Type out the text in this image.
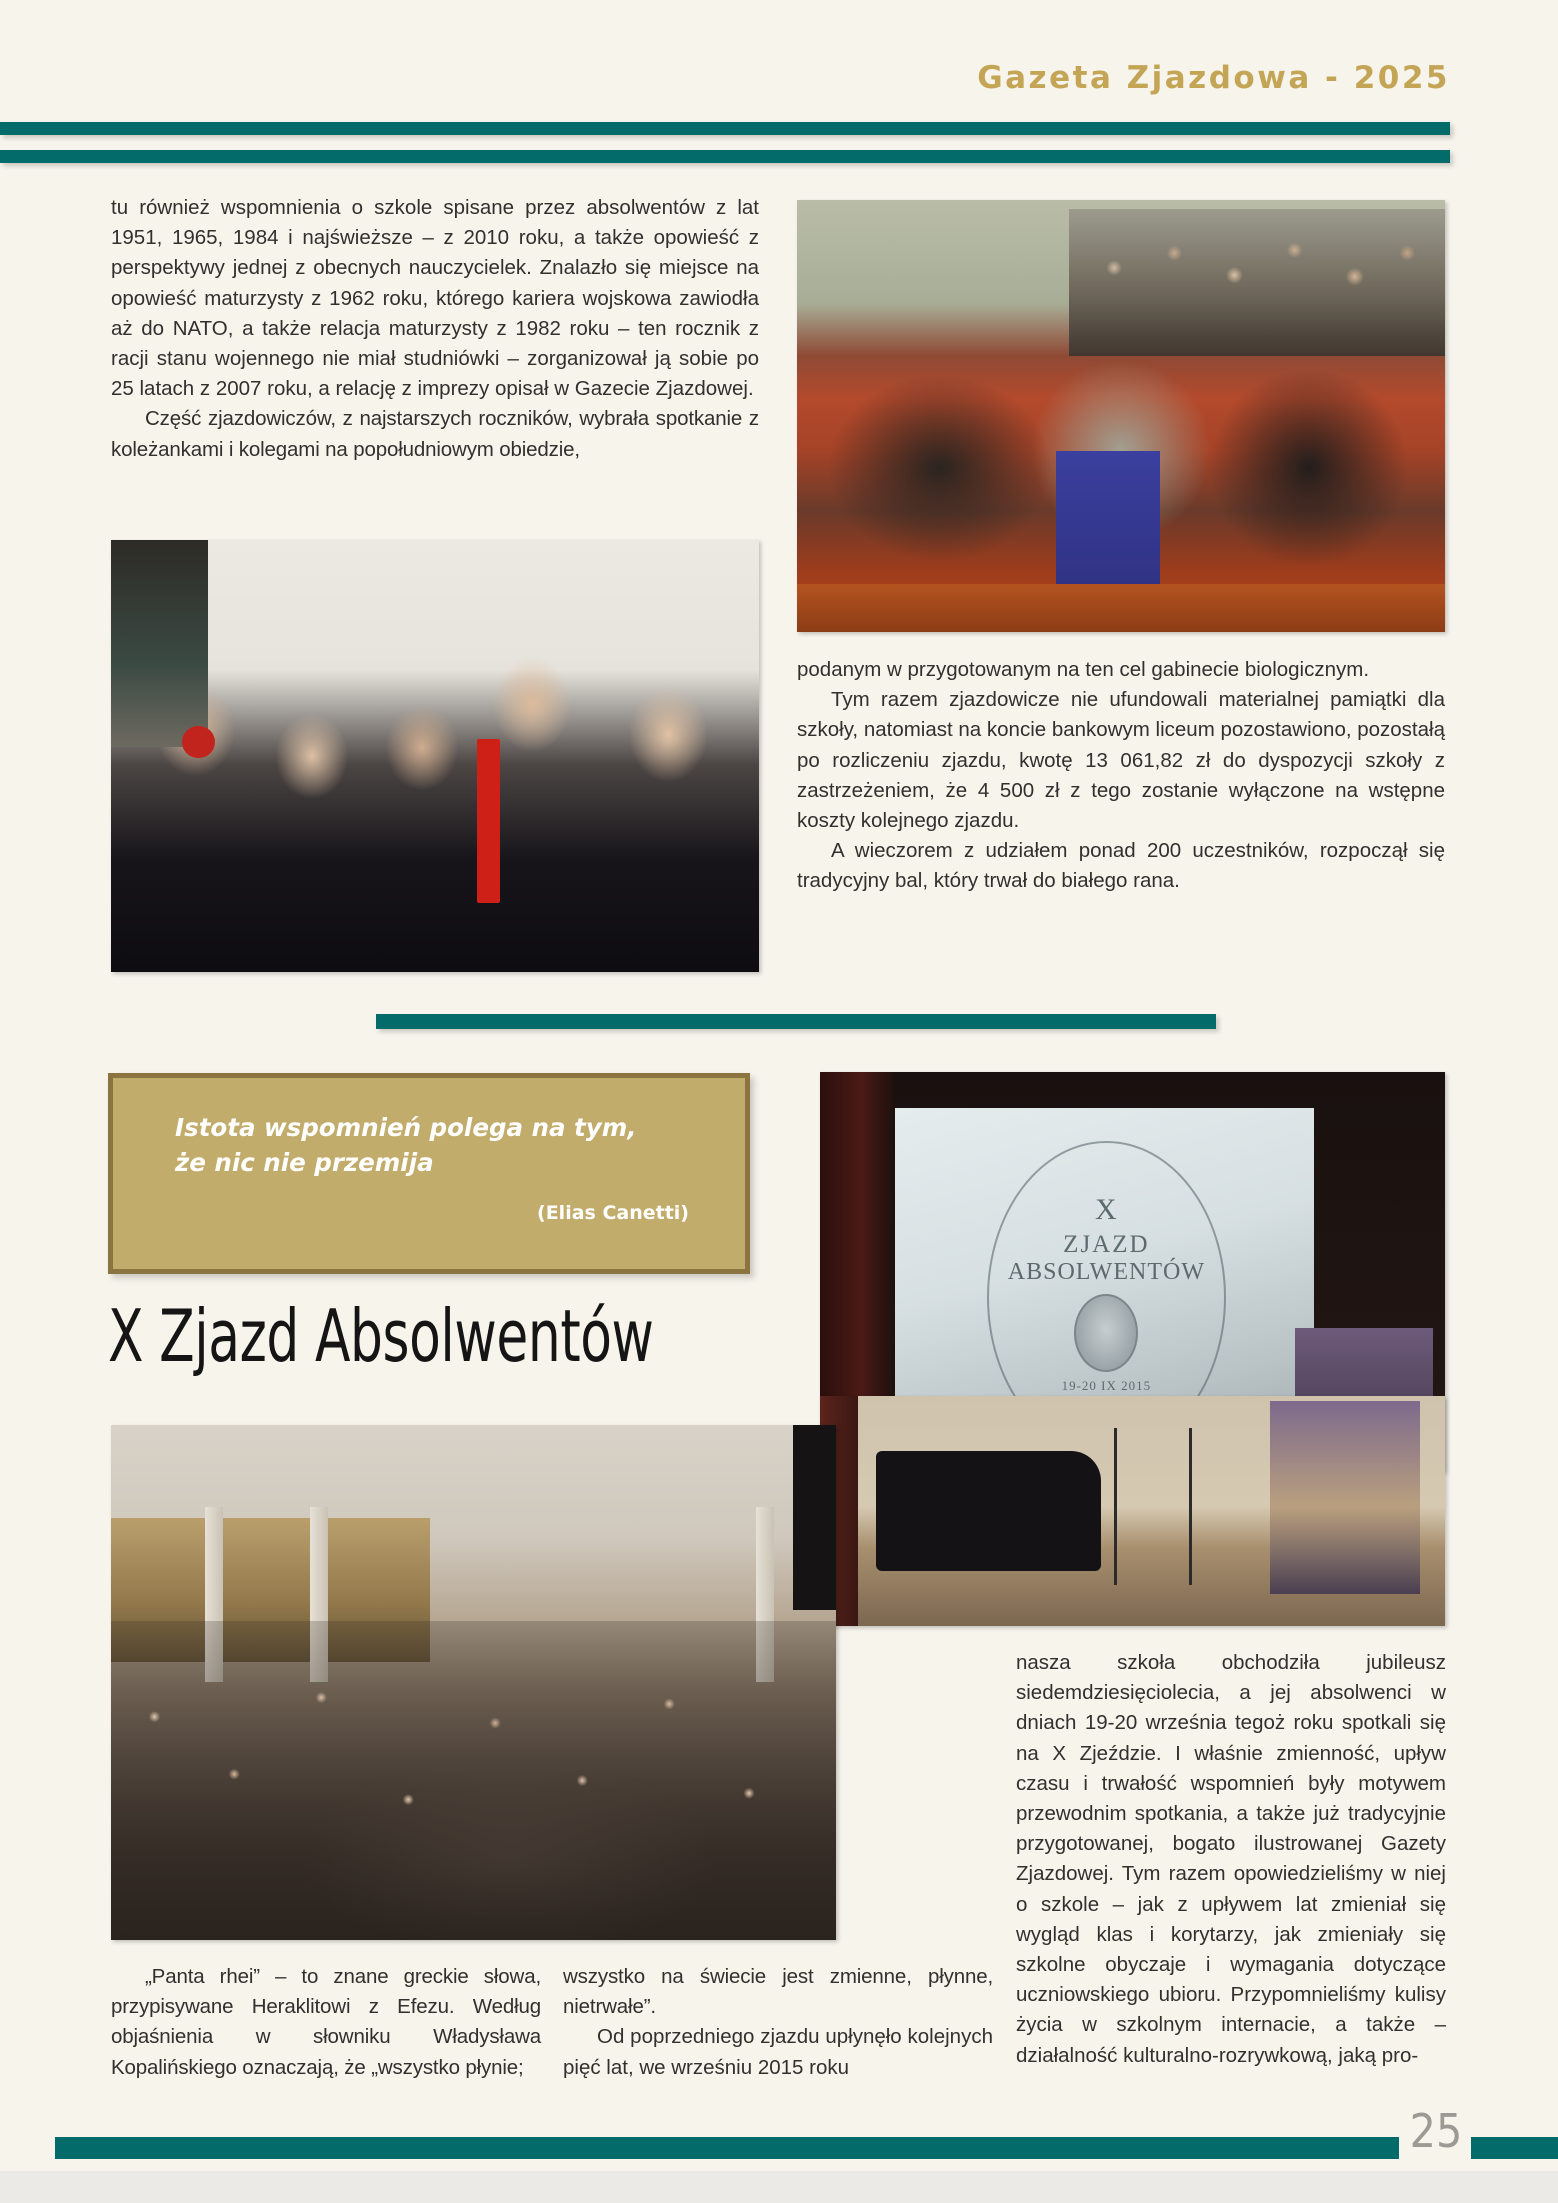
Gazeta Zjazdowa - 2025

tu również wspomnienia o szkole spisane przez absolwentów z lat 1951, 1965, 1984 i najświeższe – z 2010 roku, a także opowieść z perspektywy jednej z obecnych nauczycielek. Znalazło się miejsce na opowieść maturzysty z 1962 roku, którego kariera wojskowa zawiodła aż do NATO, a także relacja maturzysty z 1982 roku – ten rocznik z racji stanu wojennego nie miał studniówki – zorganizował ją sobie po 25 latach z 2007 roku, a relację z imprezy opisał w Gazecie Zjazdowej.

Część zjazdowiczów, z najstarszych roczników, wybrała spotkanie z koleżankami i kolegami na popołudniowym obiedzie,

podanym w przygotowanym na ten cel gabinecie biologicznym.

Tym razem zjazdowicze nie ufundowali materialnej pamiątki dla szkoły, natomiast na koncie bankowym liceum pozostawiono, pozostałą po rozliczeniu zjazdu, kwotę 13 061,82 zł do dyspozycji szkoły z zastrzeżeniem, że 4 500 zł z tego zostanie wyłączone na wstępne koszty kolejnego zjazdu.

A wieczorem z udziałem ponad 200 uczestników, rozpoczął się tradycyjny bal, który trwał do białego rana.

Istota wspomnień polega na tym,
że nic nie przemija
(Elias Canetti)
X Zjazd Absolwentów
X
ZJAZD
ABSOLWENTÓW
19-20 IX 2015

nasza szkoła obchodziła jubileusz siedemdziesięciolecia, a jej absolwenci w dniach 19-20 września tegoż roku spotkali się na X Zjeździe. I właśnie zmienność, upływ czasu i trwałość wspomnień były motywem przewodnim spotkania, a także już tradycyjnie przygotowanej, bogato ilustrowanej Gazety Zjazdowej. Tym razem opowiedzieliśmy w niej o szkole – jak z upływem lat zmieniał się wygląd klas i korytarzy, jak zmieniały się szkolne obyczaje i wymagania dotyczące uczniowskiego ubioru. Przypomnieliśmy kulisy życia w szkolnym internacie, a także – działalność kulturalno-rozrywkową, jaką pro-

„Panta rhei” – to znane greckie słowa, przypisywane Heraklitowi z Efezu. Według objaśnienia w słowniku Władysława Kopalińskiego oznaczają, że „wszystko płynie;

wszystko na świecie jest zmienne, płynne, nietrwałe”.

Od poprzedniego zjazdu upłynęło kolejnych pięć lat, we wrześniu 2015 roku

25
